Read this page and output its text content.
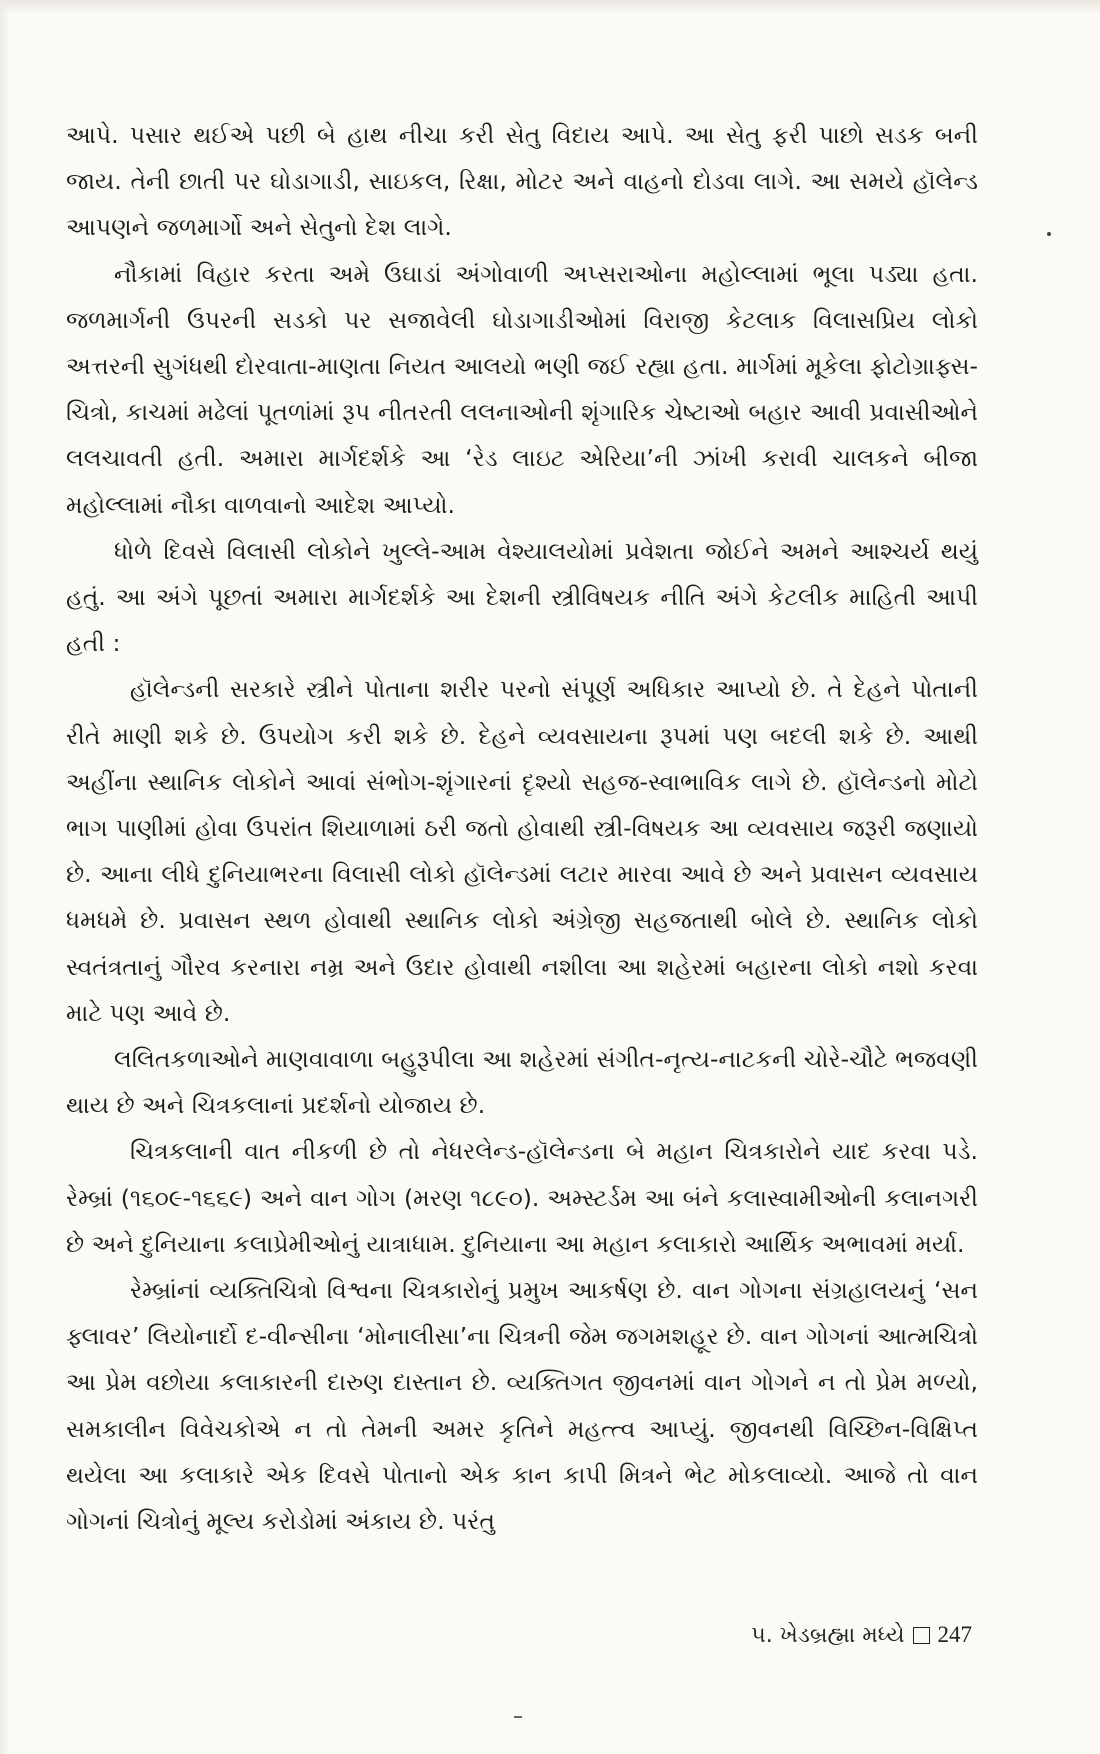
આપે. પસાર થઈએ પછી બે હાથ નીચા કરી સેતુ વિદાય આપે. આ સેતુ ફરી પાછો સડક બની જાય. તેની છાતી પર ઘોડાગાડી, સાઇકલ, રિક્ષા, મોટર અને વાહનો દોડવા લાગે. આ સમયે હૉલેન્ડ આપણને જળમાર્ગો અને સેતુનો દેશ લાગે.

નૌકામાં વિહાર કરતા અમે ઉઘાડાં અંગોવાળી અપ્સરાઓના મહોલ્લામાં ભૂલા પડ્યા હતા. જળમાર્ગની ઉપરની સડકો પર સજાવેલી ઘોડાગાડીઓમાં વિરાજી કેટલાક વિલાસપ્રિય લોકો અત્તરની સુગંધથી દોરવાતા-માણતા નિયત આલયો ભણી જઈ રહ્યા હતા. માર્ગમાં મૂકેલા ફોટોગ્રાફ્સ-ચિત્રો, કાચમાં મઢેલાં પૂતળાંમાં રૂપ નીતરતી લલનાઓની શૃંગારિક ચેષ્ટાઓ બહાર આવી પ્રવાસીઓને લલચાવતી હતી. અમારા માર્ગદર્શકે આ ‘રેડ લાઇટ એરિયા’ની ઝાંખી કરાવી ચાલકને બીજા મહોલ્લામાં નૌકા વાળવાનો આદેશ આપ્યો.

ધોળે દિવસે વિલાસી લોકોને ખુલ્લે-આમ વેશ્યાલયોમાં પ્રવેશતા જોઈને અમને આશ્ચર્ય થયું હતું. આ અંગે પૂછતાં અમારા માર્ગદર્શકે આ દેશની સ્ત્રીવિષયક નીતિ અંગે કેટલીક માહિતી આપી હતી :

હૉલેન્ડની સરકારે સ્ત્રીને પોતાના શરીર પરનો સંપૂર્ણ અધિકાર આપ્યો છે. તે દેહને પોતાની રીતે માણી શકે છે. ઉપયોગ કરી શકે છે. દેહને વ્યવસાયના રૂપમાં પણ બદલી શકે છે. આથી અહીંના સ્થાનિક લોકોને આવાં સંભોગ-શૃંગારનાં દૃશ્યો સહજ-સ્વાભાવિક લાગે છે. હૉલેન્ડનો મોટો ભાગ પાણીમાં હોવા ઉપરાંત શિયાળામાં ઠરી જતો હોવાથી સ્ત્રી-વિષયક આ વ્યવસાય જરૂરી જણાયો છે. આના લીધે દુનિયાભરના વિલાસી લોકો હૉલેન્ડમાં લટાર મારવા આવે છે અને પ્રવાસન વ્યવસાય ધમધમે છે. પ્રવાસન સ્થળ હોવાથી સ્થાનિક લોકો અંગ્રેજી સહજતાથી બોલે છે. સ્થાનિક લોકો સ્વતંત્રતાનું ગૌરવ કરનારા નમ્ર અને ઉદાર હોવાથી નશીલા આ શહેરમાં બહારના લોકો નશો કરવા માટે પણ આવે છે.

લલિતકળાઓને માણવાવાળા બહુરૂપીલા આ શહેરમાં સંગીત-નૃત્ય-નાટકની ચોરે-ચૌટે ભજવણી થાય છે અને ચિત્રકલાનાં પ્રદર્શનો યોજાય છે.

ચિત્રકલાની વાત નીકળી છે તો નેધરલેન્ડ-હૉલેન્ડના બે મહાન ચિત્રકારોને યાદ કરવા પડે. રેમ્બ્રાં (૧૬૦૯-૧૬૬૯) અને વાન ગોગ (મરણ ૧૮૯૦). અમ્સ્ટર્ડમ આ બંને કલાસ્વામીઓની કલાનગરી છે અને દુનિયાના કલાપ્રેમીઓનું યાત્રાધામ. દુનિયાના આ મહાન કલાકારો આર્થિક અભાવમાં મર્યા.

રેમ્બ્રાંનાં વ્યક્તિચિત્રો વિશ્વના ચિત્રકારોનું પ્રમુખ આકર્ષણ છે. વાન ગોગના સંગ્રહાલયનું ‘સન ફ્લાવર’ લિયોનાર્દો દ-વીન્સીના ‘મોનાલીસા’ના ચિત્રની જેમ જગમશહૂર છે. વાન ગોગનાં આત્મચિત્રો આ પ્રેમ વછોયા કલાકારની દારુણ દાસ્તાન છે. વ્યક્તિગત જીવનમાં વાન ગોગને ન તો પ્રેમ મળ્યો, સમકાલીન વિવેચકોએ ન તો તેમની અમર કૃતિને મહત્ત્વ આપ્યું. જીવનથી વિચ્છિન-વિક્ષિપ્ત થયેલા આ કલાકારે એક દિવસે પોતાનો એક કાન કાપી મિત્રને ભેટ મોકલાવ્યો. આજે તો વાન ગોગનાં ચિત્રોનું મૂલ્ય કરોડોમાં અંકાય છે. પરંતુ

૫. ખેડબ્રહ્મા મધ્યે 247
